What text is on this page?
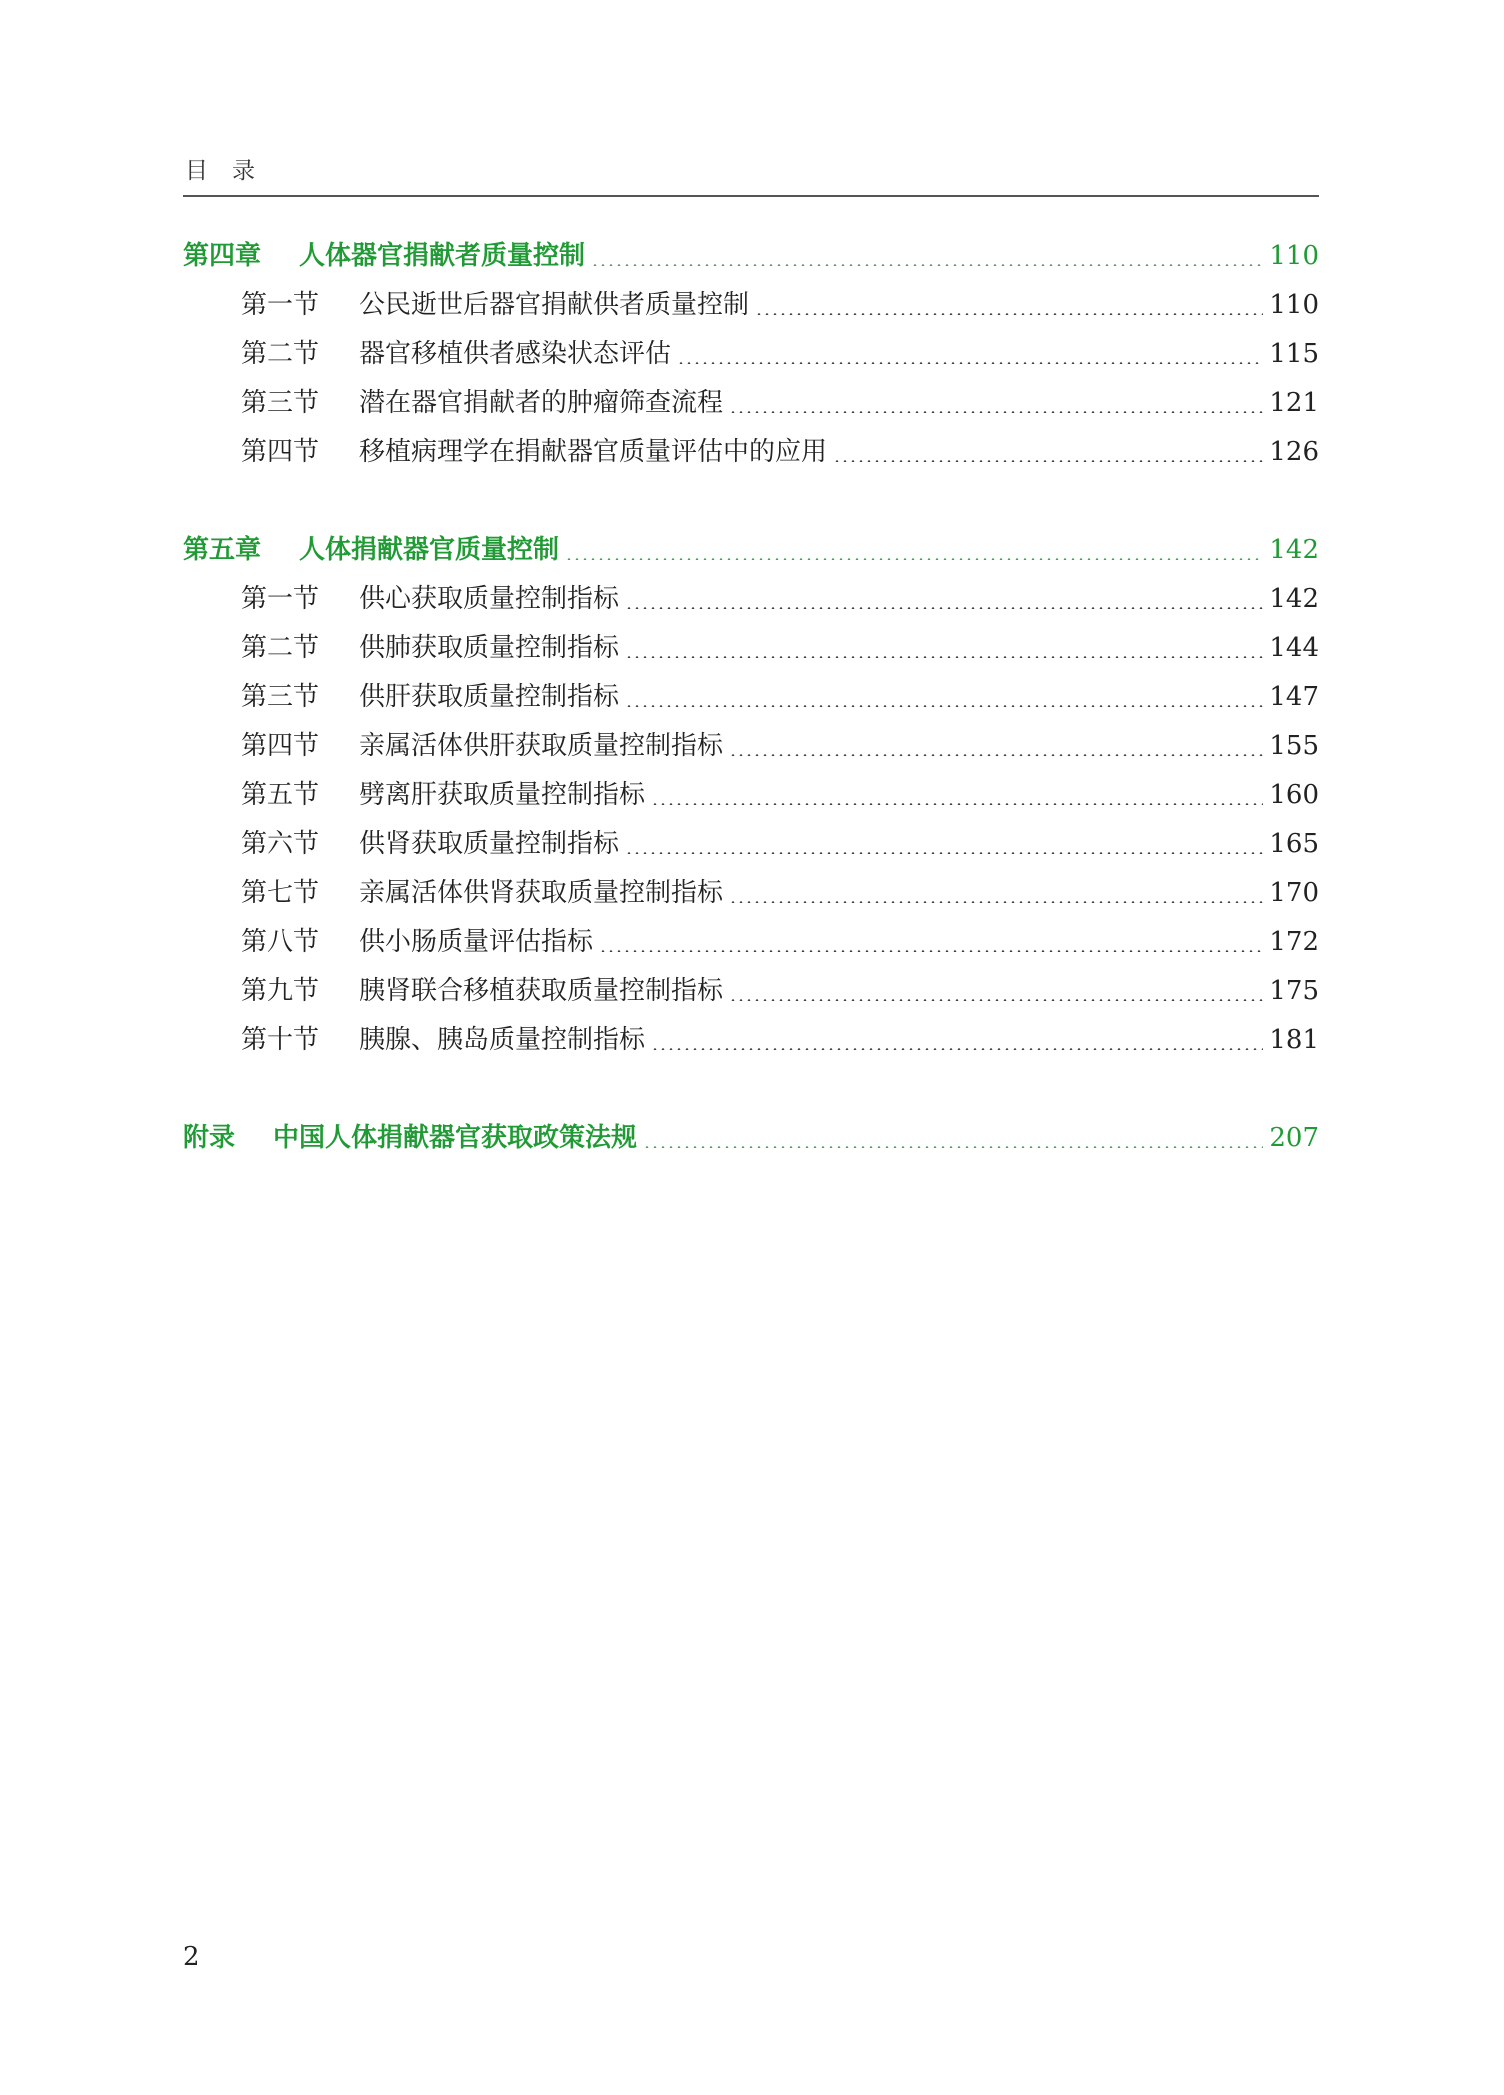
目录
第四章	人体器官捐献者质量控制	110
第一节	公民逝世后器官捐献供者质量控制	110
第二节	器官移植供者感染状态评估	115
第三节	潜在器官捐献者的肿瘤筛查流程	121
第四节	移植病理学在捐献器官质量评估中的应用	126
第五章	人体捐献器官质量控制	142
第一节	供心获取质量控制指标	142
第二节	供肺获取质量控制指标	144
第三节	供肝获取质量控制指标	147
第四节	亲属活体供肝获取质量控制指标	155
第五节	劈离肝获取质量控制指标	160
第六节	供肾获取质量控制指标	165
第七节	亲属活体供肾获取质量控制指标	170
第八节	供小肠质量评估指标	172
第九节	胰肾联合移植获取质量控制指标	175
第十节	胰腺、胰岛质量控制指标	181
附录	中国人体捐献器官获取政策法规	207
2
